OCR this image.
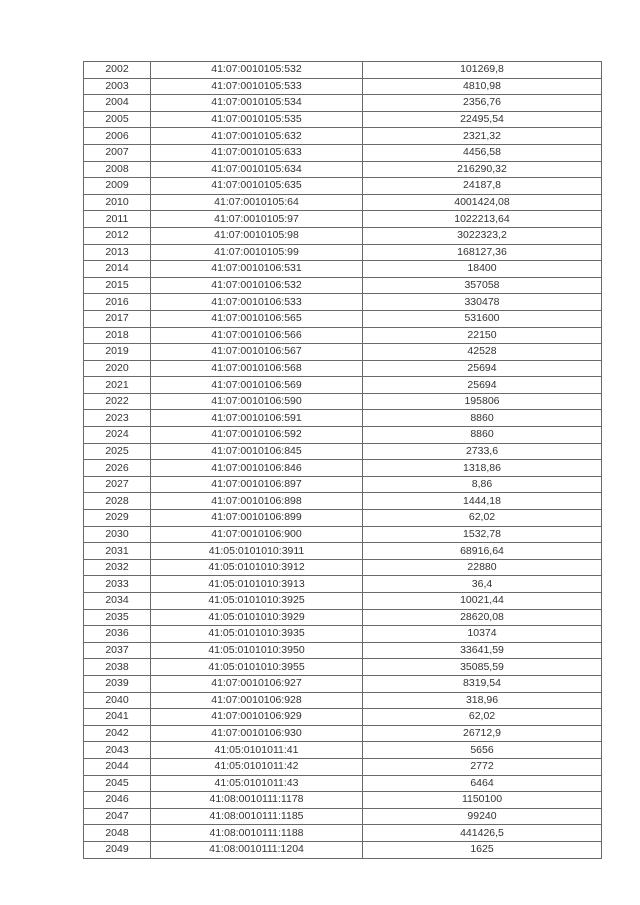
2002	41:07:0010105:532	101269,8
2003	41:07:0010105:533	4810,98
2004	41:07:0010105:534	2356,76
2005	41:07:0010105:535	22495,54
2006	41:07:0010105:632	2321,32
2007	41:07:0010105:633	4456,58
2008	41:07:0010105:634	216290,32
2009	41:07:0010105:635	24187,8
2010	41:07:0010105:64	4001424,08
2011	41:07:0010105:97	1022213,64
2012	41:07:0010105:98	3022323,2
2013	41:07:0010105:99	168127,36
2014	41:07:0010106:531	18400
2015	41:07:0010106:532	357058
2016	41:07:0010106:533	330478
2017	41:07:0010106:565	531600
2018	41:07:0010106:566	22150
2019	41:07:0010106:567	42528
2020	41:07:0010106:568	25694
2021	41:07:0010106:569	25694
2022	41:07:0010106:590	195806
2023	41:07:0010106:591	8860
2024	41:07:0010106:592	8860
2025	41:07:0010106:845	2733,6
2026	41:07:0010106:846	1318,86
2027	41:07:0010106:897	8,86
2028	41:07:0010106:898	1444,18
2029	41:07:0010106:899	62,02
2030	41:07:0010106:900	1532,78
2031	41:05:0101010:3911	68916,64
2032	41:05:0101010:3912	22880
2033	41:05:0101010:3913	36,4
2034	41:05:0101010:3925	10021,44
2035	41:05:0101010:3929	28620,08
2036	41:05:0101010:3935	10374
2037	41:05:0101010:3950	33641,59
2038	41:05:0101010:3955	35085,59
2039	41:07:0010106:927	8319,54
2040	41:07:0010106:928	318,96
2041	41:07:0010106:929	62,02
2042	41:07:0010106:930	26712,9
2043	41:05:0101011:41	5656
2044	41:05:0101011:42	2772
2045	41:05:0101011:43	6464
2046	41:08:0010111:1178	1150100
2047	41:08:0010111:1185	99240
2048	41:08:0010111:1188	441426,5
2049	41:08:0010111:1204	1625
